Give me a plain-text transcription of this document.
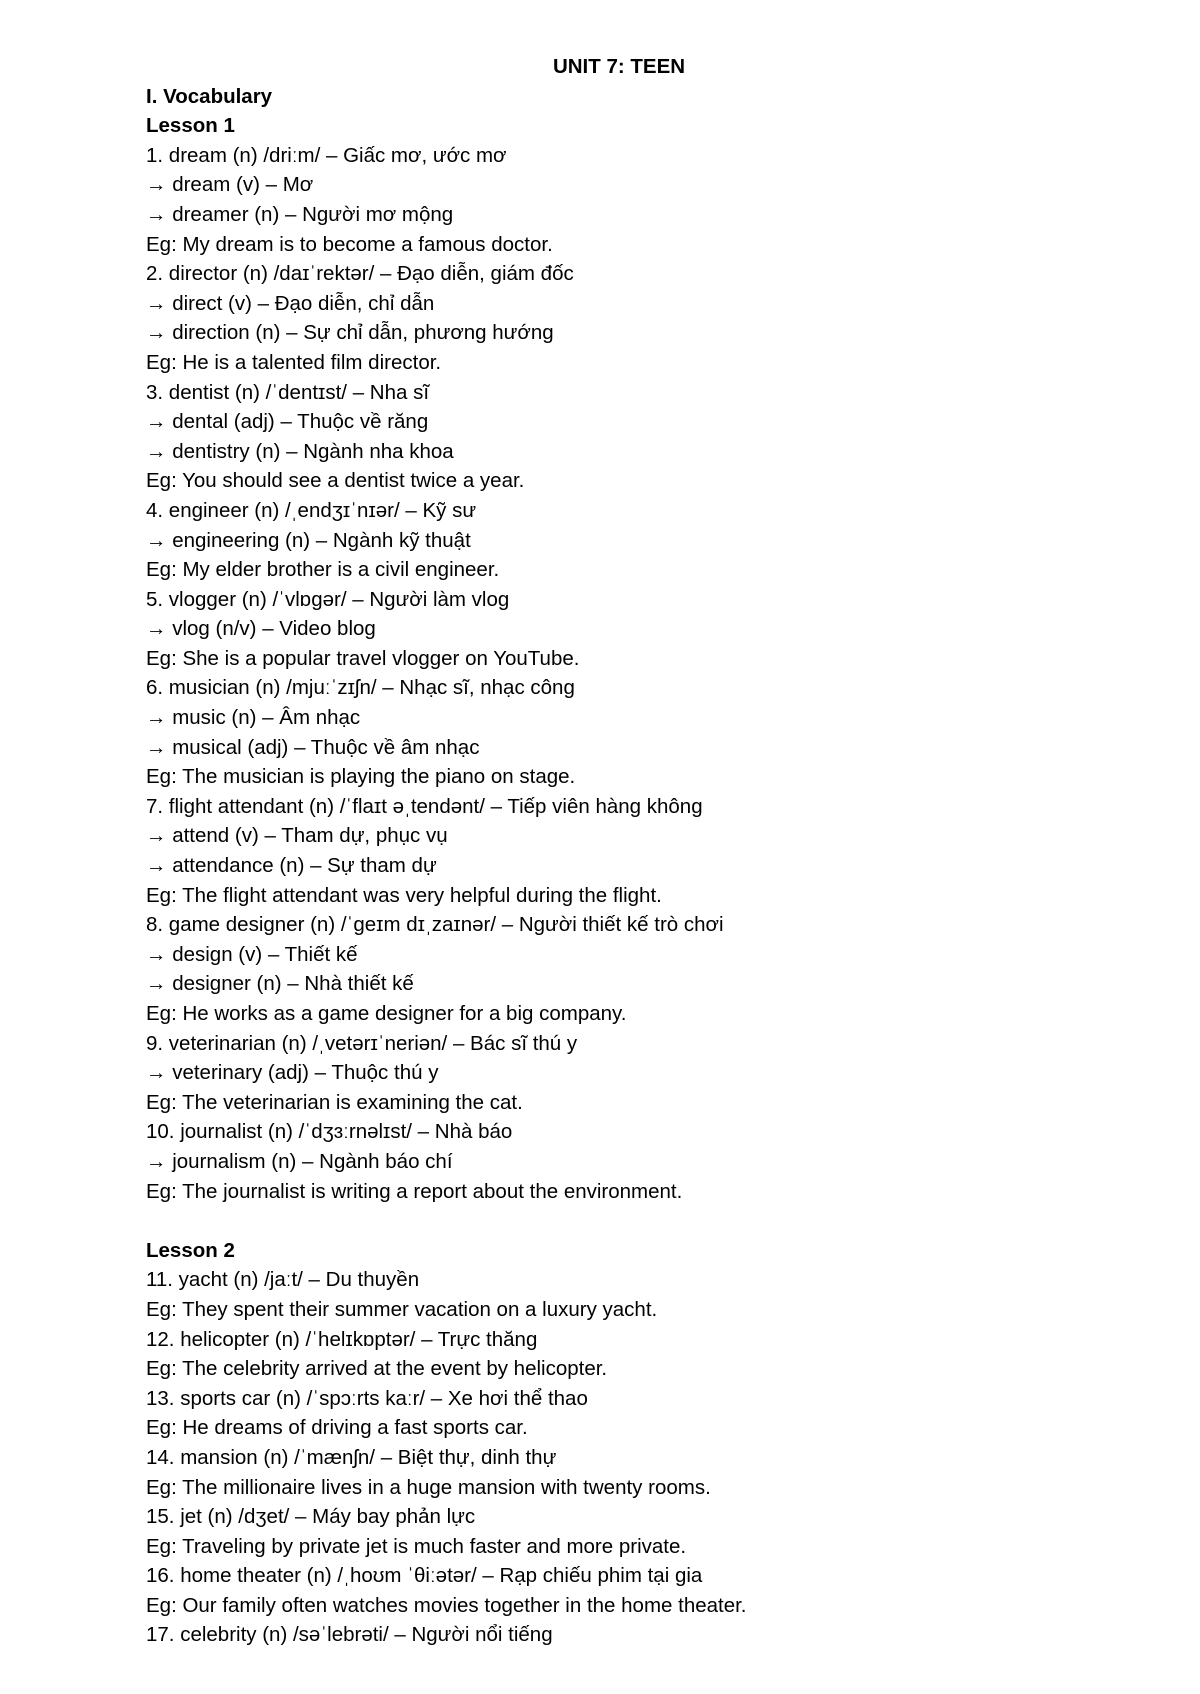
UNIT 7: TEEN
I. Vocabulary
Lesson 1
1. dream (n) /driːm/ – Giấc mơ, ước mơ
→ dream (v) – Mơ
→ dreamer (n) – Người mơ mộng
Eg: My dream is to become a famous doctor.
2. director (n) /daɪˈrektər/ – Đạo diễn, giám đốc
→ direct (v) – Đạo diễn, chỉ dẫn
→ direction (n) – Sự chỉ dẫn, phương hướng
Eg: He is a talented film director.
3. dentist (n) /ˈdentɪst/ – Nha sĩ
→ dental (adj) – Thuộc về răng
→ dentistry (n) – Ngành nha khoa
Eg: You should see a dentist twice a year.
4. engineer (n) /ˌendʒɪˈnɪər/ – Kỹ sư
→ engineering (n) – Ngành kỹ thuật
Eg: My elder brother is a civil engineer.
5. vlogger (n) /ˈvlɒgər/ – Người làm vlog
→ vlog (n/v) – Video blog
Eg: She is a popular travel vlogger on YouTube.
6. musician (n) /mjuːˈzɪʃn/ – Nhạc sĩ, nhạc công
→ music (n) – Âm nhạc
→ musical (adj) – Thuộc về âm nhạc
Eg: The musician is playing the piano on stage.
7. flight attendant (n) /ˈflaɪt əˌtendənt/ – Tiếp viên hàng không
→ attend (v) – Tham dự, phục vụ
→ attendance (n) – Sự tham dự
Eg: The flight attendant was very helpful during the flight.
8. game designer (n) /ˈgeɪm dɪˌzaɪnər/ – Người thiết kế trò chơi
→ design (v) – Thiết kế
→ designer (n) – Nhà thiết kế
Eg: He works as a game designer for a big company.
9. veterinarian (n) /ˌvetərɪˈneriən/ – Bác sĩ thú y
→ veterinary (adj) – Thuộc thú y
Eg: The veterinarian is examining the cat.
10. journalist (n) /ˈdʒɜːrnəlɪst/ – Nhà báo
→ journalism (n) – Ngành báo chí
Eg: The journalist is writing a report about the environment.
Lesson 2
11. yacht (n) /jaːt/ – Du thuyền
Eg: They spent their summer vacation on a luxury yacht.
12. helicopter (n) /ˈhelɪkɒptər/ – Trực thăng
Eg: The celebrity arrived at the event by helicopter.
13. sports car (n) /ˈspɔːrts kaːr/ – Xe hơi thể thao
Eg: He dreams of driving a fast sports car.
14. mansion (n) /ˈmænʃn/ – Biệt thự, dinh thự
Eg: The millionaire lives in a huge mansion with twenty rooms.
15. jet (n) /dʒet/ – Máy bay phản lực
Eg: Traveling by private jet is much faster and more private.
16. home theater (n) /ˌhoʊm ˈθiːətər/ – Rạp chiếu phim tại gia
Eg: Our family often watches movies together in the home theater.
17. celebrity (n) /səˈlebrəti/ – Người nổi tiếng
